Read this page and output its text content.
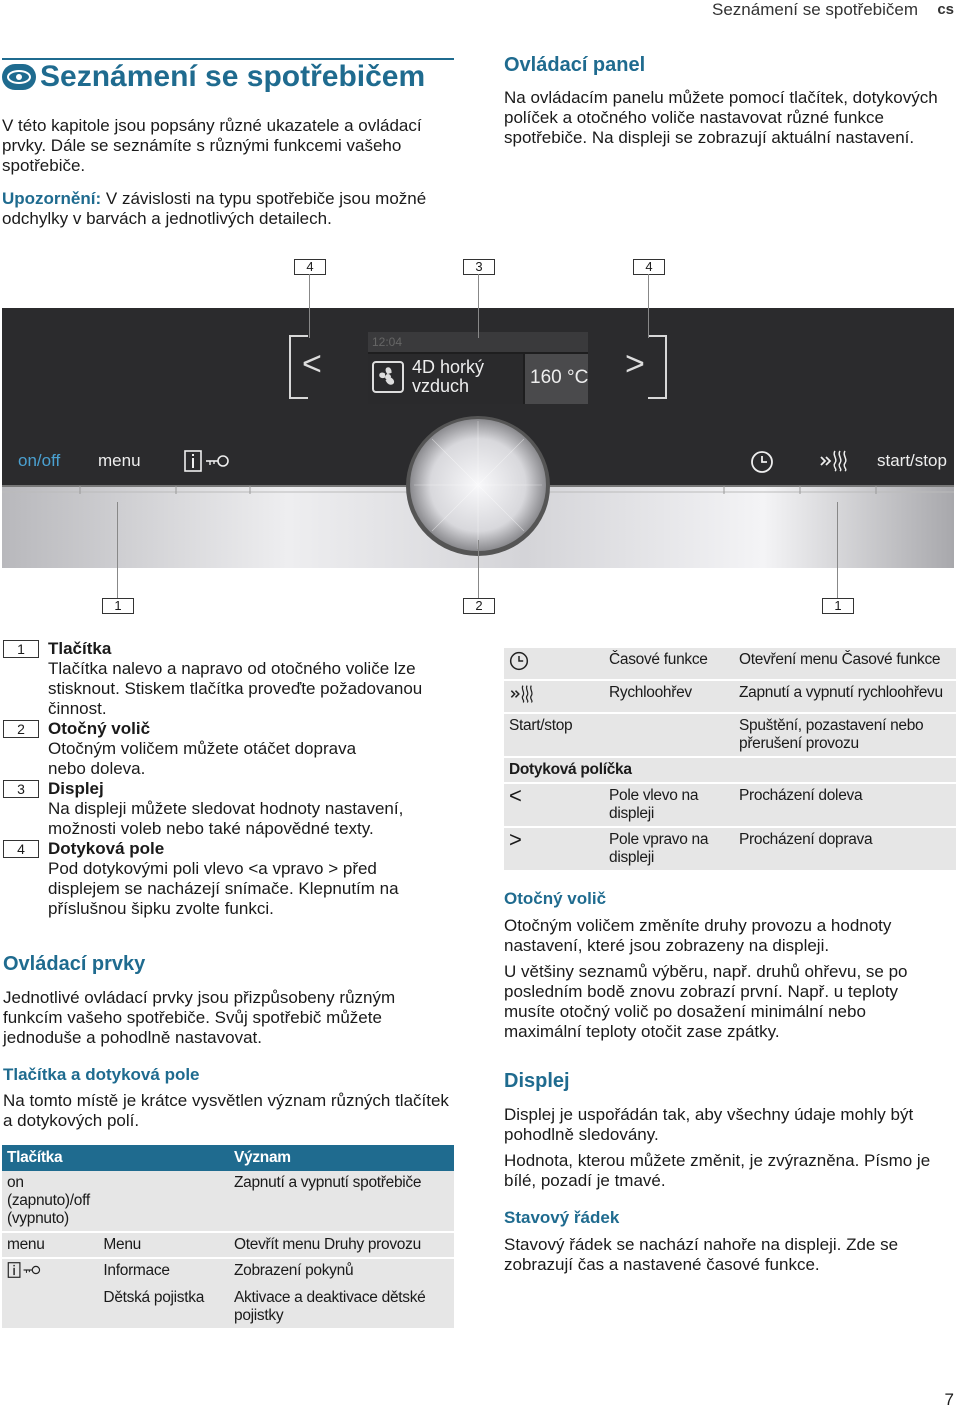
Seznámení se spotřebičem cs
Seznámení se spotřebičem
V této kapitole jsou popsány různé ukazatele a ovládací prvky. Dále se seznámíte s různými funkcemi vašeho spotřebiče.
Upozornění: V závislosti na typu spotřebiče jsou možné odchylky v barvách a jednotlivých detailech.
Ovládací panel
Na ovládacím panelu můžete pomocí tlačítek, dotykových políček a otočného voliče nastavovat různé funkce spotřebiče. Na displeji se zobrazují aktuální nastavení.
4	3	4
<	>
12:04
4D horký vzduch	160 °C
on/off menu	start/stop
1	2	1
1	Tlačítka
Tlačítka nalevo a napravo od otočného voliče lze stisknout. Stiskem tlačítka proveďte požadovanou činnost.
2	Otočný volič
Otočným voličem můžete otáčet doprava nebo doleva.
3	Displej
Na displeji můžete sledovat hodnoty nastavení, možnosti voleb nebo také nápovědné texty.
4	Dotyková pole
Pod dotykovými poli vlevo <a vpravo > před displejem se nacházejí snímače. Klepnutím na příslušnou šipku zvolte funkci.
Ovládací prvky
Jednotlivé ovládací prvky jsou přizpůsobeny různým funkcím vašeho spotřebiče. Svůj spotřebič můžete jednoduše a pohodlně nastavovat.
Tlačítka a dotyková pole
Na tomto místě je krátce vysvětlen význam různých tlačítek a dotykových polí.
Tlačítka		Význam

on (zapnuto)/off (vypnuto)		Zapnutí a vypnutí spotřebiče
menu	Menu	Otevřít menu Druhy provozu
	Informace	Zobrazení pokynů
	Dětská pojistka	Aktivace a deaktivace dětské pojistky
	Časové funkce	Otevření menu Časové funkce
	Rychloohřev	Zapnutí a vypnutí rychloohřevu
Start/stop		Spuštění, pozastavení nebo přerušení provozu
Dotyková políčka		
<	Pole vlevo na displeji	Procházení doleva
>	Pole vpravo na displeji	Procházení doprava
Otočný volič
Otočným voličem změníte druhy provozu a hodnoty nastavení, které jsou zobrazeny na displeji.
U většiny seznamů výběru, např. druhů ohřevu, se po posledním bodě znovu zobrazí první. Např. u teploty musíte otočný volič po dosažení minimální nebo maximální teploty otočit zase zpátky.
Displej
Displej je uspořádán tak, aby všechny údaje mohly být pohodlně sledovány.
Hodnota, kterou můžete změnit, je zvýrazněna. Písmo je bílé, pozadí je tmavé.
Stavový řádek
Stavový řádek se nachází nahoře na displeji. Zde se zobrazují čas a nastavené časové funkce.
7
